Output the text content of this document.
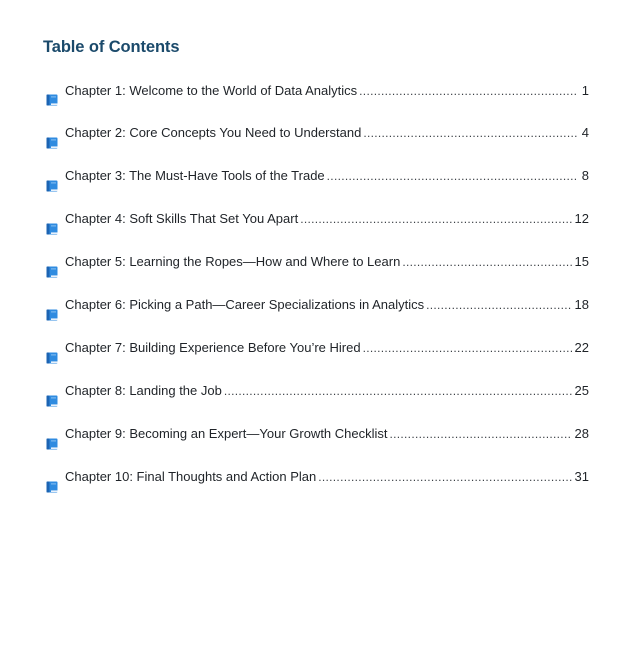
Table of Contents
Chapter 1: Welcome to the World of Data Analytics .....	1
Chapter 2: Core Concepts You Need to Understand .....	4
Chapter 3: The Must-Have Tools of the Trade .....	8
Chapter 4: Soft Skills That Set You Apart .....	12
Chapter 5: Learning the Ropes—How and Where to Learn .....	15
Chapter 6: Picking a Path—Career Specializations in Analytics .....	18
Chapter 7: Building Experience Before You’re Hired .....	22
Chapter 8: Landing the Job .....	25
Chapter 9: Becoming an Expert—Your Growth Checklist .....	28
Chapter 10: Final Thoughts and Action Plan .....	31
